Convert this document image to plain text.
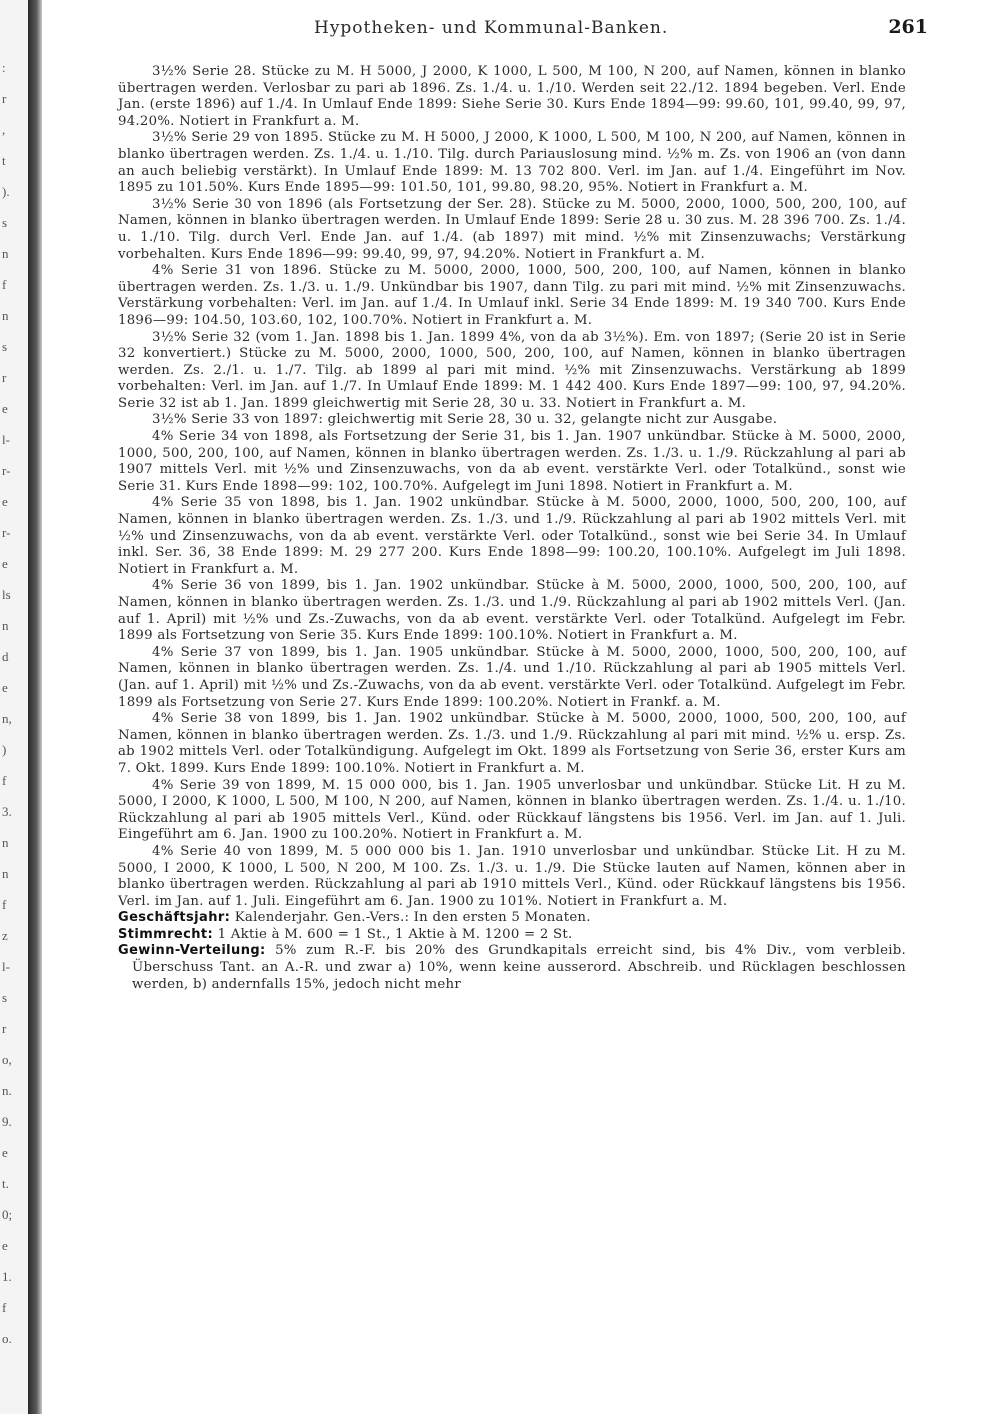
:
r
,
t
).
s
n
f
n
s
r
e
l-
r-
e
r-
e
ls
n
d
e
n,
)
f
3.
n
n
f
z
l-
s
r
o,
n.
9.
e
t.
0;
e
1.
f
o.
Hypotheken- und Kommunal-Banken.	261

3½% Serie 28. Stücke zu M. H 5000, J 2000, K 1000, L 500, M 100, N 200, auf Namen, können in blanko übertragen werden. Verlosbar zu pari ab 1896. Zs. 1./4. u. 1./10. Werden seit 22./12. 1894 begeben. Verl. Ende Jan. (erste 1896) auf 1./4. In Umlauf Ende 1899: Siehe Serie 30. Kurs Ende 1894—99: 99.60, 101, 99.40, 99, 97, 94.20%. Notiert in Frankfurt a. M.

3½% Serie 29 von 1895. Stücke zu M. H 5000, J 2000, K 1000, L 500, M 100, N 200, auf Namen, können in blanko übertragen werden. Zs. 1./4. u. 1./10. Tilg. durch Pariauslosung mind. ½% m. Zs. von 1906 an (von dann an auch beliebig verstärkt). In Umlauf Ende 1899: M. 13 702 800. Verl. im Jan. auf 1./4. Eingeführt im Nov. 1895 zu 101.50%. Kurs Ende 1895—99: 101.50, 101, 99.80, 98.20, 95%. Notiert in Frankfurt a. M.

3½% Serie 30 von 1896 (als Fortsetzung der Ser. 28). Stücke zu M. 5000, 2000, 1000, 500, 200, 100, auf Namen, können in blanko übertragen werden. In Umlauf Ende 1899: Serie 28 u. 30 zus. M. 28 396 700. Zs. 1./4. u. 1./10. Tilg. durch Verl. Ende Jan. auf 1./4. (ab 1897) mit mind. ½% mit Zinsenzuwachs; Verstärkung vorbehalten. Kurs Ende 1896—99: 99.40, 99, 97, 94.20%. Notiert in Frankfurt a. M.

4% Serie 31 von 1896. Stücke zu M. 5000, 2000, 1000, 500, 200, 100, auf Namen, können in blanko übertragen werden. Zs. 1./3. u. 1./9. Unkündbar bis 1907, dann Tilg. zu pari mit mind. ½% mit Zinsenzuwachs. Verstärkung vorbehalten: Verl. im Jan. auf 1./4. In Umlauf inkl. Serie 34 Ende 1899: M. 19 340 700. Kurs Ende 1896—99: 104.50, 103.60, 102, 100.70%. Notiert in Frankfurt a. M.

3½% Serie 32 (vom 1. Jan. 1898 bis 1. Jan. 1899 4%, von da ab 3½%). Em. von 1897; (Serie 20 ist in Serie 32 konvertiert.) Stücke zu M. 5000, 2000, 1000, 500, 200, 100, auf Namen, können in blanko übertragen werden. Zs. 2./1. u. 1./7. Tilg. ab 1899 al pari mit mind. ½% mit Zinsenzuwachs. Verstärkung ab 1899 vorbehalten: Verl. im Jan. auf 1./7. In Umlauf Ende 1899: M. 1 442 400. Kurs Ende 1897—99: 100, 97, 94.20%. Serie 32 ist ab 1. Jan. 1899 gleichwertig mit Serie 28, 30 u. 33. Notiert in Frankfurt a. M.

3½% Serie 33 von 1897: gleichwertig mit Serie 28, 30 u. 32, gelangte nicht zur Ausgabe.

4% Serie 34 von 1898, als Fortsetzung der Serie 31, bis 1. Jan. 1907 unkündbar. Stücke à M. 5000, 2000, 1000, 500, 200, 100, auf Namen, können in blanko übertragen werden. Zs. 1./3. u. 1./9. Rückzahlung al pari ab 1907 mittels Verl. mit ½% und Zinsenzuwachs, von da ab event. verstärkte Verl. oder Totalkünd., sonst wie Serie 31. Kurs Ende 1898—99: 102, 100.70%. Aufgelegt im Juni 1898. Notiert in Frankfurt a. M.

4% Serie 35 von 1898, bis 1. Jan. 1902 unkündbar. Stücke à M. 5000, 2000, 1000, 500, 200, 100, auf Namen, können in blanko übertragen werden. Zs. 1./3. und 1./9. Rückzahlung al pari ab 1902 mittels Verl. mit ½% und Zinsenzuwachs, von da ab event. verstärkte Verl. oder Totalkünd., sonst wie bei Serie 34. In Umlauf inkl. Ser. 36, 38 Ende 1899: M. 29 277 200. Kurs Ende 1898—99: 100.20, 100.10%. Aufgelegt im Juli 1898. Notiert in Frankfurt a. M.

4% Serie 36 von 1899, bis 1. Jan. 1902 unkündbar. Stücke à M. 5000, 2000, 1000, 500, 200, 100, auf Namen, können in blanko übertragen werden. Zs. 1./3. und 1./9. Rückzahlung al pari ab 1902 mittels Verl. (Jan. auf 1. April) mit ½% und Zs.-Zuwachs, von da ab event. verstärkte Verl. oder Totalkünd. Aufgelegt im Febr. 1899 als Fortsetzung von Serie 35. Kurs Ende 1899: 100.10%. Notiert in Frankfurt a. M.

4% Serie 37 von 1899, bis 1. Jan. 1905 unkündbar. Stücke à M. 5000, 2000, 1000, 500, 200, 100, auf Namen, können in blanko übertragen werden. Zs. 1./4. und 1./10. Rückzahlung al pari ab 1905 mittels Verl. (Jan. auf 1. April) mit ½% und Zs.-Zuwachs, von da ab event. verstärkte Verl. oder Totalkünd. Aufgelegt im Febr. 1899 als Fortsetzung von Serie 27. Kurs Ende 1899: 100.20%. Notiert in Frankf. a. M.

4% Serie 38 von 1899, bis 1. Jan. 1902 unkündbar. Stücke à M. 5000, 2000, 1000, 500, 200, 100, auf Namen, können in blanko übertragen werden. Zs. 1./3. und 1./9. Rückzahlung al pari mit mind. ½% u. ersp. Zs. ab 1902 mittels Verl. oder Totalkündigung. Aufgelegt im Okt. 1899 als Fortsetzung von Serie 36, erster Kurs am 7. Okt. 1899. Kurs Ende 1899: 100.10%. Notiert in Frankfurt a. M.

4% Serie 39 von 1899, M. 15 000 000, bis 1. Jan. 1905 unverlosbar und unkündbar. Stücke Lit. H zu M. 5000, I 2000, K 1000, L 500, M 100, N 200, auf Namen, können in blanko übertragen werden. Zs. 1./4. u. 1./10. Rückzahlung al pari ab 1905 mittels Verl., Künd. oder Rückkauf längstens bis 1956. Verl. im Jan. auf 1. Juli. Eingeführt am 6. Jan. 1900 zu 100.20%. Notiert in Frankfurt a. M.

4% Serie 40 von 1899, M. 5 000 000 bis 1. Jan. 1910 unverlosbar und unkündbar. Stücke Lit. H zu M. 5000, I 2000, K 1000, L 500, N 200, M 100. Zs. 1./3. u. 1./9. Die Stücke lauten auf Namen, können aber in blanko übertragen werden. Rückzahlung al pari ab 1910 mittels Verl., Künd. oder Rückkauf längstens bis 1956. Verl. im Jan. auf 1. Juli. Eingeführt am 6. Jan. 1900 zu 101%. Notiert in Frankfurt a. M.

Geschäftsjahr: Kalenderjahr. Gen.-Vers.: In den ersten 5 Monaten.

Stimmrecht: 1 Aktie à M. 600 = 1 St., 1 Aktie à M. 1200 = 2 St.

Gewinn-Verteilung: 5% zum R.-F. bis 20% des Grundkapitals erreicht sind, bis 4% Div., vom verbleib. Überschuss Tant. an A.-R. und zwar a) 10%, wenn keine ausserord. Abschreib. und Rücklagen beschlossen werden, b) andernfalls 15%, jedoch nicht mehr
